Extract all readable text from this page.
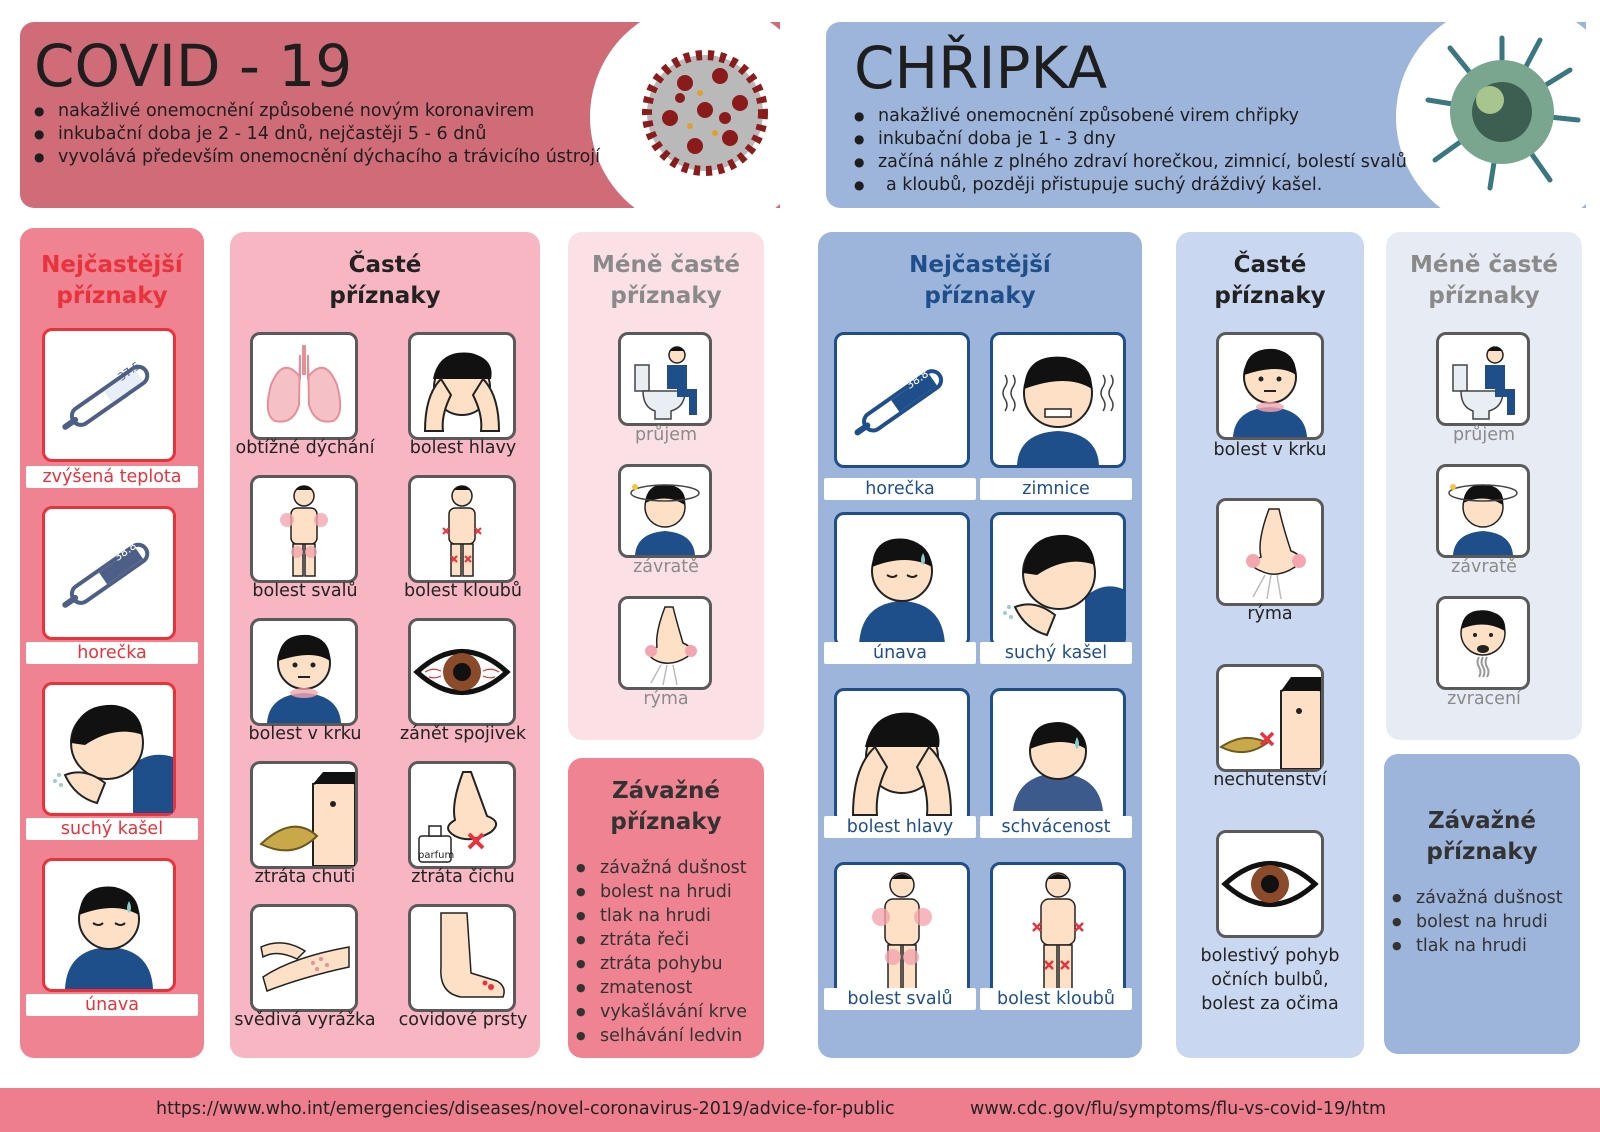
COVID - 19
● nakažlivé onemocnění způsobené novým koronavirem
● inkubační doba je 2 - 14 dnů, nejčastěji 5 - 6 dnů
● vyvolává především onemocnění dýchacího a trávicího ústrojí
CHŘIPKA
● nakažlivé onemocnění způsobené virem chřipky
● inkubační doba je 1 - 3 dny
● začíná náhle z plného zdraví horečkou, zimnicí, bolestí svalů
● a kloubů, později přistupuje suchý dráždivý kašel.
Nejčastější
příznaky
37.5
zvýšená teplota
38.8
horečka
suchý kašel
únava
Časté
příznaky
obtížné dýchání	bolest hlavy
bolest svalů	bolest kloubů
bolest v krku	zánět spojivek
ztráta chuti
parfum
ztráta čichu
svědivá vyrážka	covidové prsty
Méně časté
příznaky
průjem
závratě
rýma
Závažné
příznaky
● závažná dušnost
● bolest na hrudi
● tlak na hrudi
● ztráta řeči
● ztráta pohybu
● zmatenost
● vykašlávání krve
● selhávání ledvin
Nejčastější
příznaky
38.8
horečka	zimnice
únava	suchý kašel
bolest hlavy	schvácenost
bolest svalů	bolest kloubů
Časté
příznaky
bolest v krku
rýma
nechutenství
bolestivý pohyb
očních bulbů,
bolest za očima
Méně časté
příznaky
průjem
závratě
zvracení
Závažné
příznaky
● závažná dušnost
● bolest na hrudi
● tlak na hrudi
https://www.who.int/emergencies/diseases/novel-coronavirus-2019/advice-for-public	www.cdc.gov/flu/symptoms/flu-vs-covid-19/htm
